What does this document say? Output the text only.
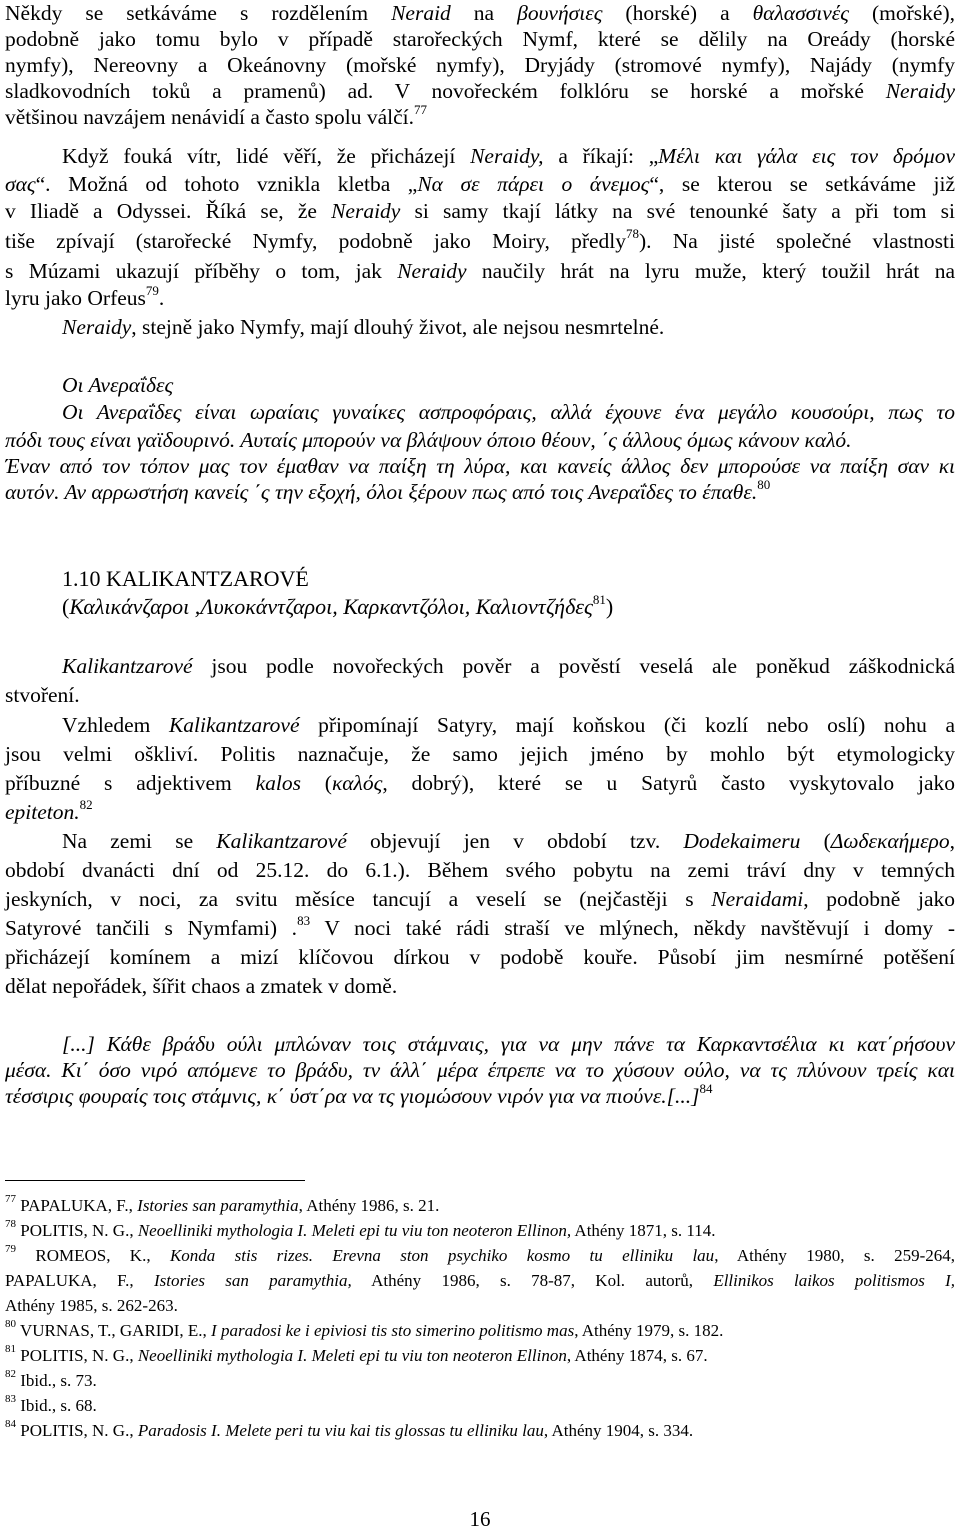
Někdy se setkáváme s rozdělením Neraid na βουνήσιες (horské) a θαλασσινές (mořské),
podobně jako tomu bylo v případě starořeckých Nymf, které se dělily na Oreády (horské
nymfy), Nereovny a Okeánovny (mořské nymfy), Dryjády (stromové nymfy), Najády (nymfy
sladkovodních toků a pramenů) ad. V novořeckém folklóru se horské a mořské Neraidy
většinou navzájem nenávidí a často spolu válčí.$^{77}$
Když fouká vítr, lidé věří, že přicházejí Neraidy, a říkají: „Μέλι και γάλα εις τον δρόμον
σας“. Možná od tohoto vznikla kletba „Να σε πάρει ο άνεμος“, se kterou se setkáváme již
v Iliadě a Odyssei. Říká se, že Neraidy si samy tkají látky na své tenounké šaty a při tom si
tiše zpívají (starořecké Nymfy, podobně jako Moiry, předly$^{78}$). Na jisté společné vlastnosti
s Múzami ukazují příběhy o tom, jak Neraidy naučily hrát na lyru muže, který toužil hrát na
lyru jako Orfeus$^{79}$.
Neraidy, stejně jako Nymfy, mají dlouhý život, ale nejsou nesmrtelné.
Οι Ανεραΐδες
Οι Ανεραΐδες είναι ωραίαις γυναίκες ασπροφόραις, αλλά έχουνε ένα μεγάλο κουσούρι, πως το
πόδι τους είναι γαϊδουρινό. Αυταίς μπορούν να βλάψουν όποιο θέουν, ΄ς άλλους όμως κάνουν καλό.
Έναν από τον τόπον μας τον έμαθαν να παίξη τη λύρα, και κανείς άλλος δεν μπορούσε να παίξη σαν κι
αυτόν. Αν αρρωστήση κανείς ΄ς την εξοχή, όλοι ξέρουν πως από τοις Ανεραΐδες το έπαθε.$^{80}$
1.10 KALIKANTZAROVÉ
(Καλικάνζαροι ,Λυκοκάντζαροι, Καρκαντζόλοι, Καλιοντζήδες$^{81}$)
Kalikantzarové jsou podle novořeckých pověr a pověstí veselá ale poněkud záškodnická
stvoření.
Vzhledem Kalikantzarové připomínají Satyry, mají koňskou (či kozlí nebo oslí) nohu a
jsou velmi oškliví. Politis naznačuje, že samo jejich jméno by mohlo být etymologicky
příbuzné s adjektivem kalos (καλός, dobrý), které se u Satyrů často vyskytovalo jako
epiteton.$^{82}$
Na zemi se Kalikantzarové objevují jen v období tzv. Dodekaimeru (Δωδεκαήμερο,
období dvanácti dní od 25.12. do 6.1.). Během svého pobytu na zemi tráví dny v temných
jeskyních, v noci, za svitu měsíce tancují a veselí se (nejčastěji s Neraidami, podobně jako
Satyrové tančili s Nymfami) .$^{83}$ V noci také rádi straší ve mlýnech, někdy navštěvují i domy -
přicházejí komínem a mizí klíčovou dírkou v podobě kouře. Působí jim nesmírné potěšení
dělat nepořádek, šířit chaos a zmatek v domě.
[...] Κάθε βράδυ ούλι μπλώναν τοις στάμναις, για να μην πάνε τα Καρκαντσέλια κι κατ΄ρήσουν
μέσα. Κι΄ όσο νιρό απόμενε το βράδυ, τν άλλ΄ μέρα έπρεπε να το χύσουν ούλο, να τς πλύνουν τρείς και
τέσσιρις φουραίς τοις στάμνις, κ΄ ύστ΄ρα να τς γιομώσουν νιρόν για να πιούνε.[...]$^{84}$
$^{77}$ PAPALUKA, F., Istories san paramythia, Athény 1986, s. 21.
$^{78}$ POLITIS, N. G., Neoelliniki mythologia I. Meleti epi tu viu ton neoteron Ellinon, Athény 1871, s. 114.
$^{79}$ ROMEOS, K., Konda stis rizes. Erevna ston psychiko kosmo tu elliniku lau, Athény 1980, s. 259-264,
PAPALUKA, F., Istories san paramythia, Athény 1986, s. 78-87, Kol. autorů, Ellinikos laikos politismos I,
Athény 1985, s. 262-263.
$^{80}$ VURNAS, T., GARIDI, E., I paradosi ke i epiviosi tis sto simerino politismo mas, Athény 1979, s. 182.
$^{81}$ POLITIS, N. G., Neoelliniki mythologia I. Meleti epi tu viu ton neoteron Ellinon, Athény 1874, s. 67.
$^{82}$ Ibid., s. 73.
$^{83}$ Ibid., s. 68.
$^{84}$ POLITIS, N. G., Paradosis I. Melete peri tu viu kai tis glossas tu elliniku lau, Athény 1904, s. 334.
16
